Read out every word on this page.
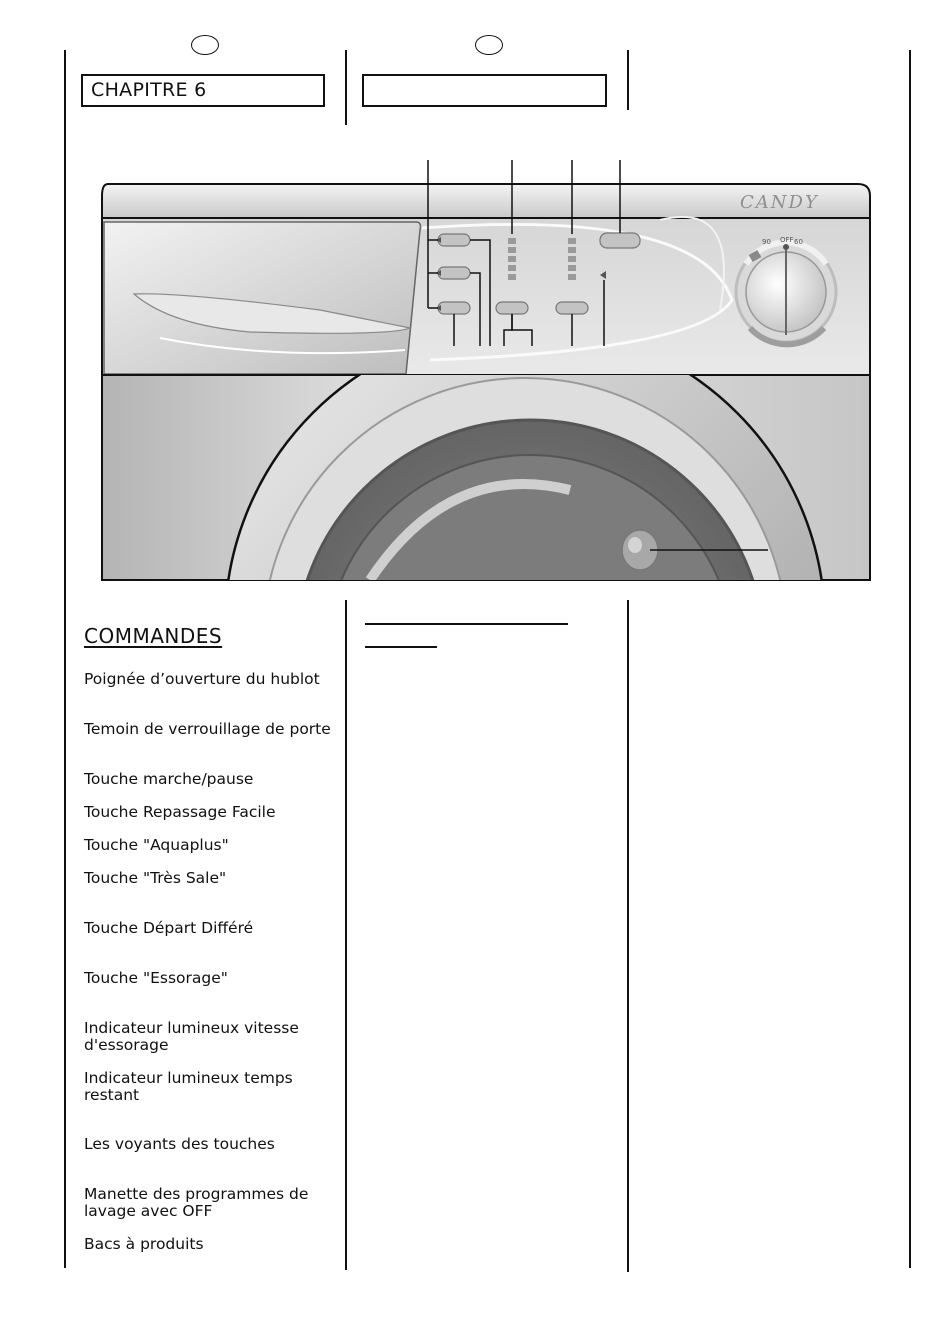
CHAPITRE 6
CANDY
90 OFF 60
COMMANDES
Poignée d’ouverture du hublot
Temoin de verrouillage de porte
Touche marche/pause
Touche Repassage Facile
Touche "Aquaplus"
Touche "Très Sale"
Touche Départ Différé
Touche "Essorage"
Indicateur lumineux vitesse d'essorage
Indicateur lumineux temps restant
Les voyants des touches
Manette des programmes de lavage avec OFF
Bacs à produits
